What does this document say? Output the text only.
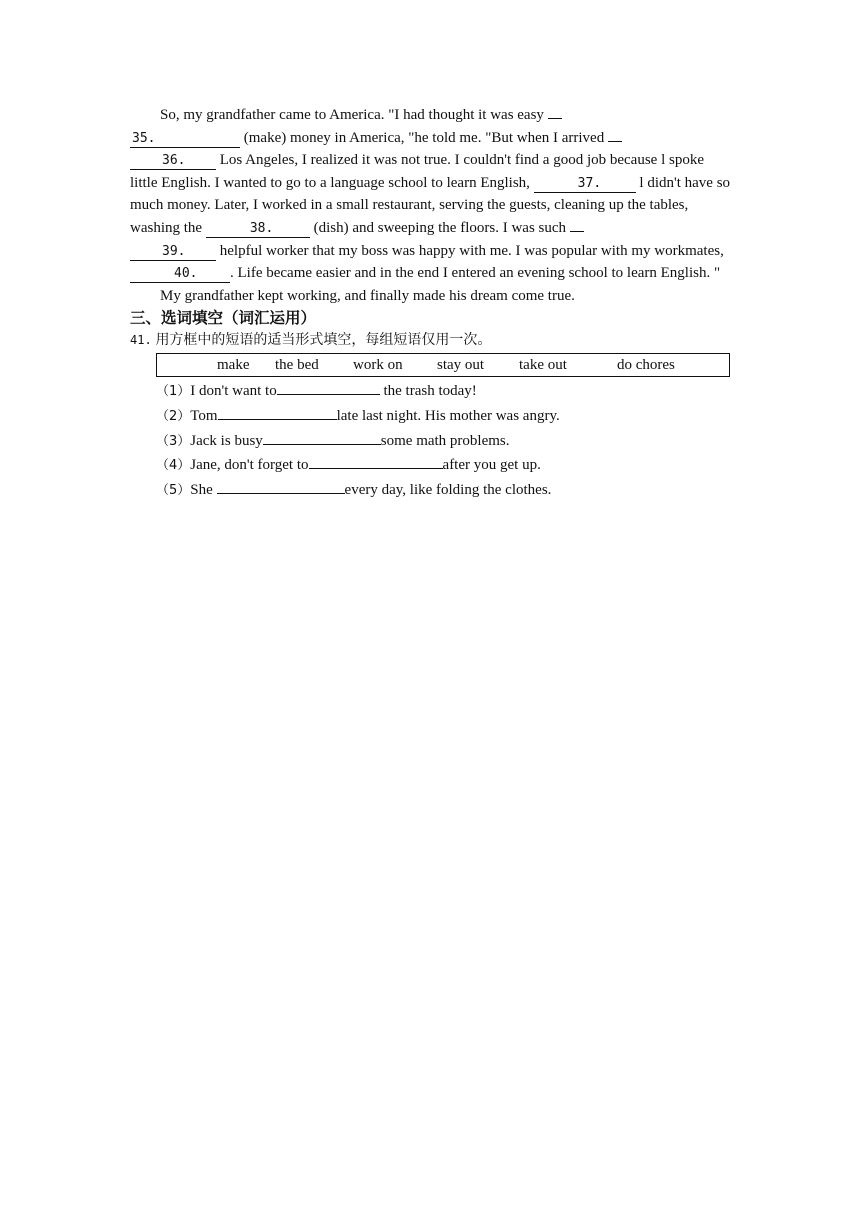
So, my grandfather came to America. "I had thought it was easy
35.	(make) money in America, "he told me. "But when I arrived
36. Los Angeles, I realized it was not true. I couldn't find a good job because l spoke little English. I wanted to go to a language school to learn English,	37.	l didn't have so much money. Later, I worked in a small restaurant, serving the guests, cleaning up the tables, washing the	38.	(dish) and sweeping the floors. I was such
39. helpful worker that my boss was happy with me. I was popular with my workmates, 40. . Life became easier and in the end I entered an evening school to learn English. "

My grandfather kept working, and finally made his dream come true.

三、选词填空（词汇运用）

41. 用方框中的短语的适当形式填空，每组短语仅用一次。

make the bed work on stay out take out	do chores

（1）I don't want to	the trash today!

（2）Tom	late last night. His mother was angry.

（3）Jack is busy	some math problems.

（4）Jane, don't forget to	after you get up.

（5）She	every day, like folding the clothes.
